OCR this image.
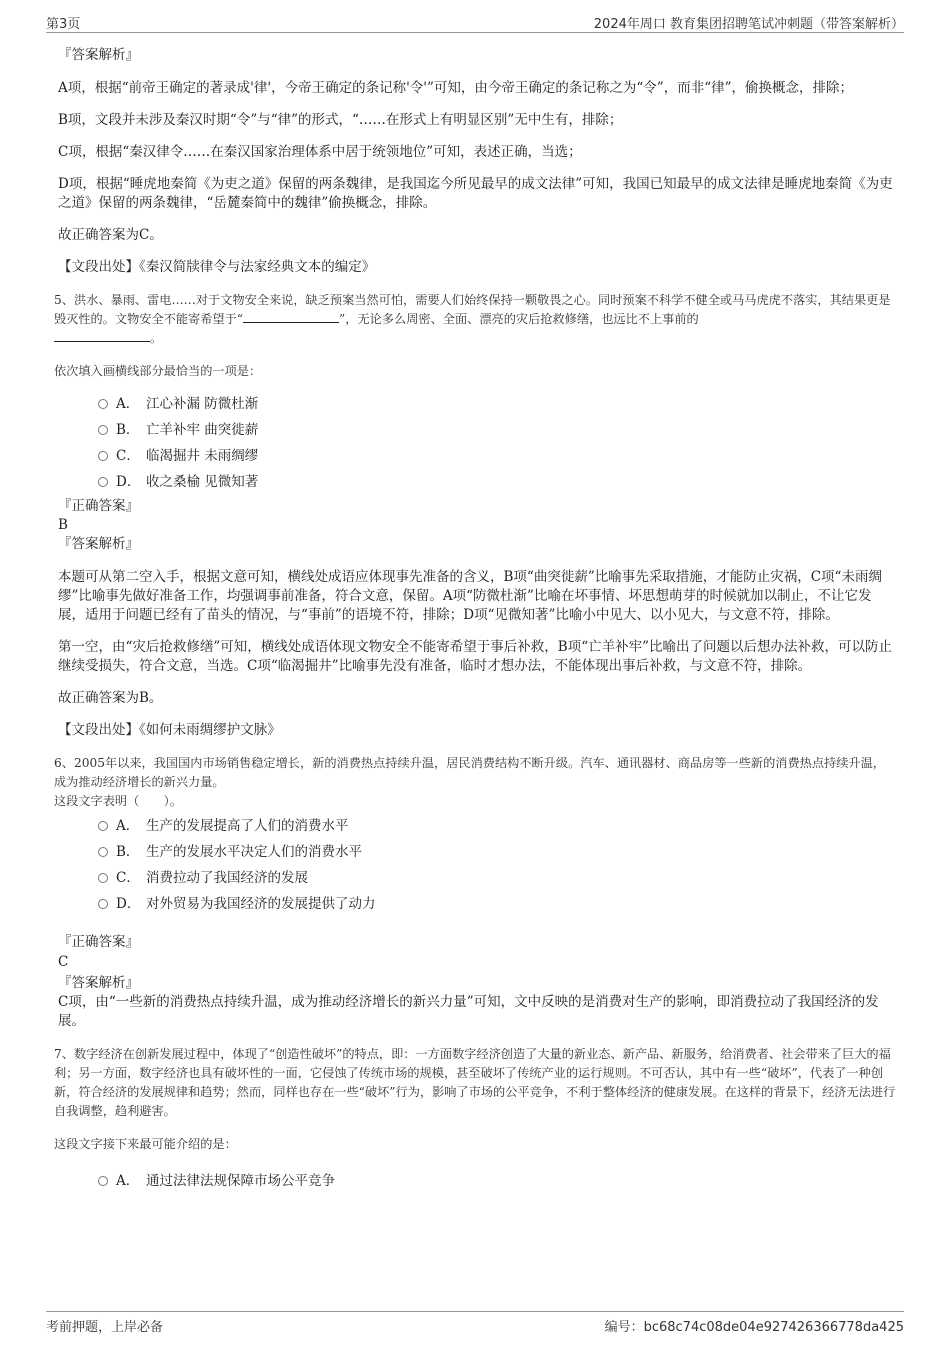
第3页	2024年周口 教育集团招聘笔试冲刺题（带答案解析）

『答案解析』

A项，根据“前帝王确定的著录成'律'，今帝王确定的条记称'令'”可知，由今帝王确定的条记称之为“令”，而非“律”，偷换概念，排除；

B项，文段并未涉及秦汉时期“令”与“律”的形式，“……在形式上有明显区别”无中生有，排除；

C项，根据“秦汉律令……在秦汉国家治理体系中居于统领地位”可知，表述正确，当选；

D项，根据“睡虎地秦简《为吏之道》保留的两条魏律，是我国迄今所见最早的成文法律”可知，我国已知最早的成文法律是睡虎地秦简《为吏之道》保留的两条魏律，“岳麓秦简中的魏律”偷换概念，排除。

故正确答案为C。

【文段出处】《秦汉简牍律令与法家经典文本的编定》

5、洪水、暴雨、雷电……对于文物安全来说，缺乏预案当然可怕，需要人们始终保持一颗敬畏之心。同时预案不科学不健全或马马虎虎不落实，其结果更是毁灭性的。文物安全不能寄希望于“	”，无论多么周密、全面、漂亮的灾后抢救修缮，也远比不上事前的
。

依次填入画横线部分最恰当的一项是：

A． 江心补漏 防微杜渐
B． 亡羊补牢 曲突徙薪
C． 临渴掘井 未雨绸缪
D． 收之桑榆 见微知著

『正确答案』

B

『答案解析』

本题可从第二空入手，根据文意可知，横线处成语应体现事先准备的含义，B项“曲突徙薪”比喻事先采取措施，才能防止灾祸，C项“未雨绸缪”比喻事先做好准备工作，均强调事前准备，符合文意，保留。A项“防微杜渐”比喻在坏事情、坏思想萌芽的时候就加以制止，不让它发展，适用于问题已经有了苗头的情况，与“事前”的语境不符，排除；D项“见微知著”比喻小中见大、以小见大，与文意不符，排除。

第一空，由“灾后抢救修缮”可知，横线处成语体现文物安全不能寄希望于事后补救，B项“亡羊补牢”比喻出了问题以后想办法补救，可以防止继续受损失，符合文意，当选。C项“临渴掘井”比喻事先没有准备，临时才想办法，不能体现出事后补救，与文意不符，排除。

故正确答案为B。

【文段出处】《如何未雨绸缪护文脉》

6、2005年以来，我国国内市场销售稳定增长，新的消费热点持续升温，居民消费结构不断升级。汽车、通讯器材、商品房等一些新的消费热点持续升温，成为推动经济增长的新兴力量。

这段文字表明（　　）。

A． 生产的发展提高了人们的消费水平
B． 生产的发展水平决定人们的消费水平
C． 消费拉动了我国经济的发展
D． 对外贸易为我国经济的发展提供了动力

『正确答案』

C

『答案解析』

C项，由“一些新的消费热点持续升温，成为推动经济增长的新兴力量”可知，文中反映的是消费对生产的影响，即消费拉动了我国经济的发展。

7、数字经济在创新发展过程中，体现了“创造性破坏”的特点，即：一方面数字经济创造了大量的新业态、新产品、新服务，给消费者、社会带来了巨大的福利；另一方面，数字经济也具有破坏性的一面，它侵蚀了传统市场的规模，甚至破坏了传统产业的运行规则。不可否认，其中有一些“破坏”，代表了一种创新，符合经济的发展规律和趋势；然而，同样也存在一些“破坏”行为，影响了市场的公平竞争，不利于整体经济的健康发展。在这样的背景下，经济无法进行自我调整，趋利避害。

这段文字接下来最可能介绍的是：

A． 通过法律法规保障市场公平竞争
考前押题，上岸必备	编号：bc68c74c08de04e927426366778da425
